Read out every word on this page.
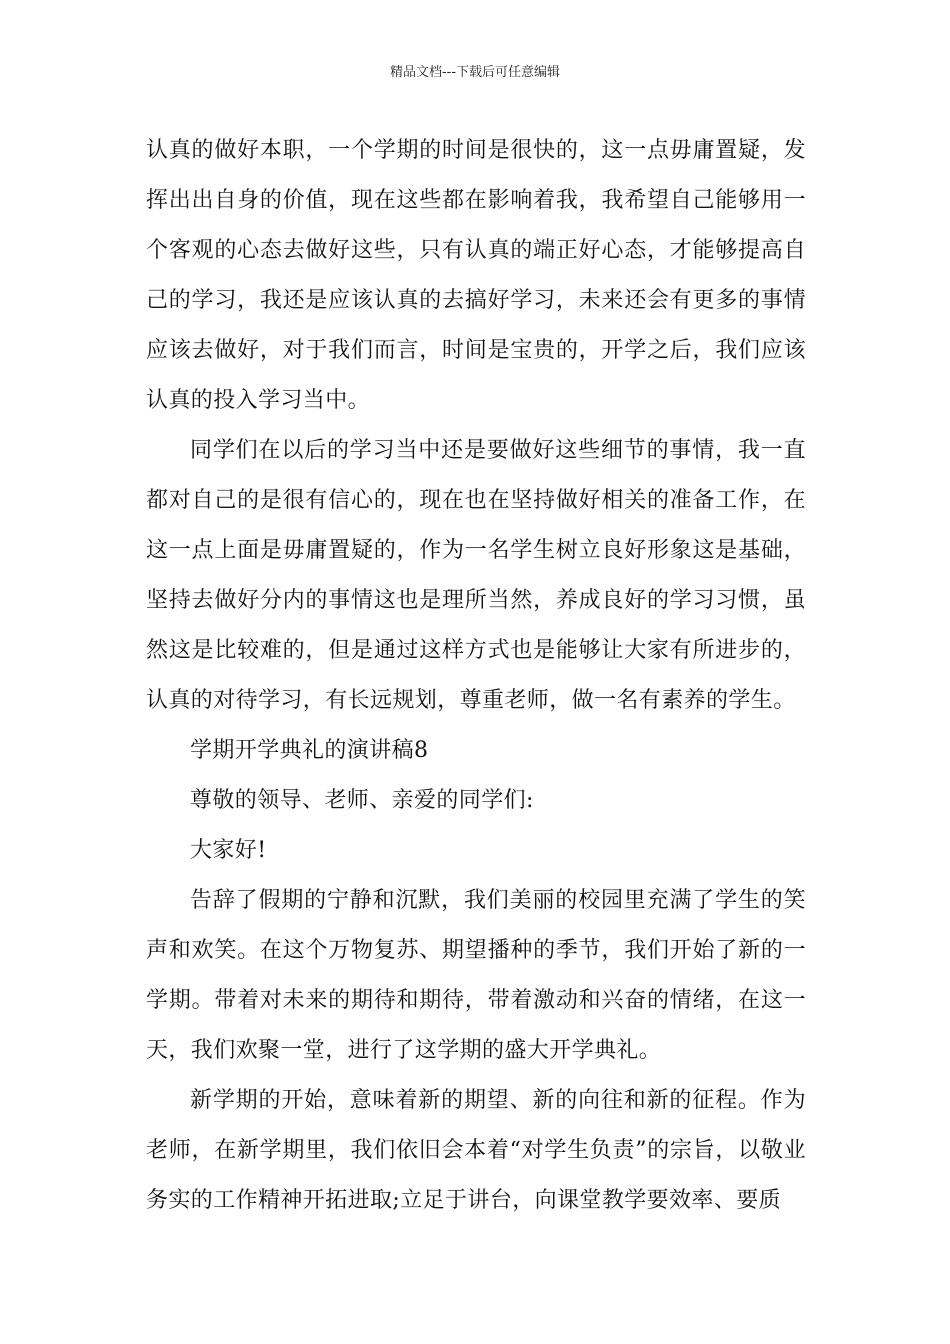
精品文档---下载后可任意编辑

认真的做好本职，一个学期的时间是很快的，这一点毋庸置疑，发挥出出自身的价值，现在这些都在影响着我，我希望自己能够用一个客观的心态去做好这些，只有认真的端正好心态，才能够提高自己的学习，我还是应该认真的去搞好学习，未来还会有更多的事情应该去做好，对于我们而言，时间是宝贵的，开学之后，我们应该认真的投入学习当中。

同学们在以后的学习当中还是要做好这些细节的事情，我一直都对自己的是很有信心的，现在也在坚持做好相关的准备工作，在这一点上面是毋庸置疑的，作为一名学生树立良好形象这是基础，坚持去做好分内的事情这也是理所当然，养成良好的学习习惯，虽然这是比较难的，但是通过这样方式也是能够让大家有所进步的，认真的对待学习，有长远规划，尊重老师，做一名有素养的学生。

学期开学典礼的演讲稿8

尊敬的领导、老师、亲爱的同学们:

大家好!

告辞了假期的宁静和沉默，我们美丽的校园里充满了学生的笑声和欢笑。在这个万物复苏、期望播种的季节，我们开始了新的一学期。带着对未来的期待和期待，带着激动和兴奋的情绪，在这一天，我们欢聚一堂，进行了这学期的盛大开学典礼。

新学期的开始，意味着新的期望、新的向往和新的征程。作为老师，在新学期里，我们依旧会本着“对学生负责”的宗旨，以敬业务实的工作精神开拓进取;立足于讲台，向课堂教学要效率、要质
